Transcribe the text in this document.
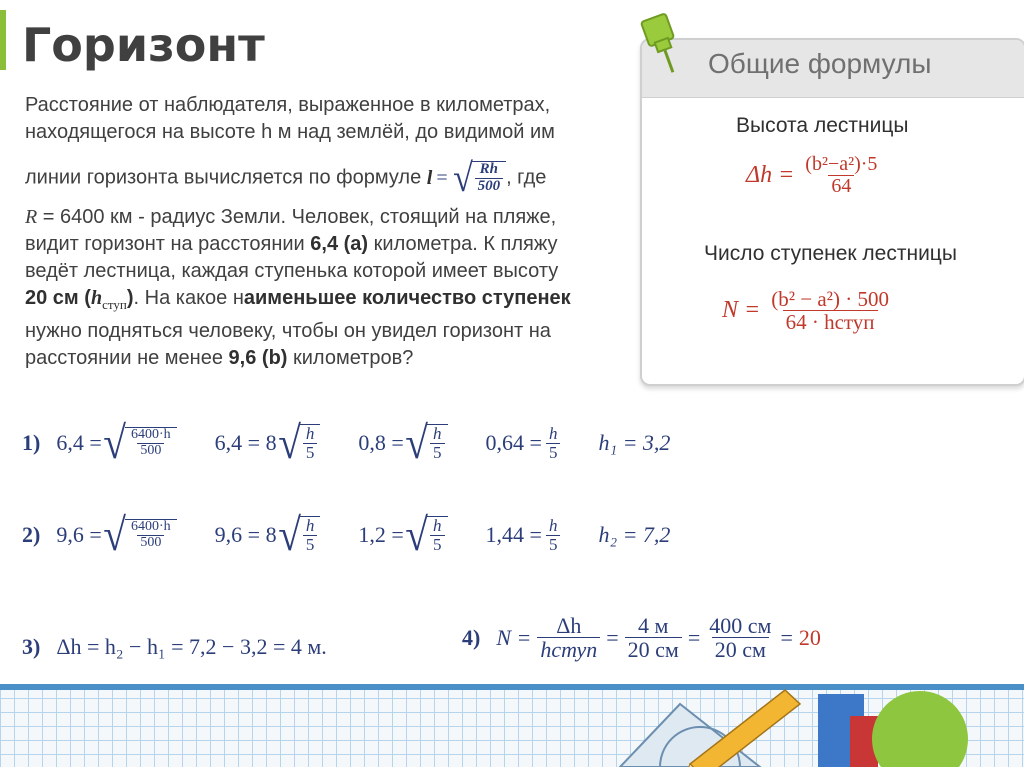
Горизонт

Расстояние от наблюдателя, выраженное в километрах,

находящегося на высоте h м над землёй, до видимой им

линии горизонта вычисляется по формуле l = √ $\frac{Rh}{500}$ , где

R = 6400 км - радиус Земли. Человек, стоящий на пляже,

видит горизонт на расстоянии 6,4 (a) километра. К пляжу

ведёт лестница, каждая ступенька которой имеет высоту

20 см $(h_{ступ})$. На какое наименьшее количество ступенек

нужно подняться человеку, чтобы он увидел горизонт на

расстоянии не менее 9,6 (b) километров?

Общие формулы
Высота лестницы
$\Delta h = \frac{\text{(b²−a²)·5}}{64}$
Число ступенек лестницы
$N = \frac{\text{(b² − a²) · 500}}{\text{64 · hступ}}$
1) 6,4 = √ $\frac{6400\cdot h}{500} 6,4 = 8$ √ $\frac{h}{5} 0,8$ = √ $\frac{h}{5} 0,64 = \frac{h}{5} h_1 = 3,2$
2) 9,6 = √ $\frac{6400\cdot h}{500} 9,6 = 8$ √ $\frac{h}{5} 1,2$ = √ $\frac{h}{5} 1,44 = \frac{h}{5} h_2 = 7,2$
3) Δh = h₂ − h₁ = 7,2 − 3,2 = 4 м.	4) $N = \frac{\Delta h}{\text{hступ}} = \frac{4 м}{20 см} = \frac{400 см}{20 см} = 20$
